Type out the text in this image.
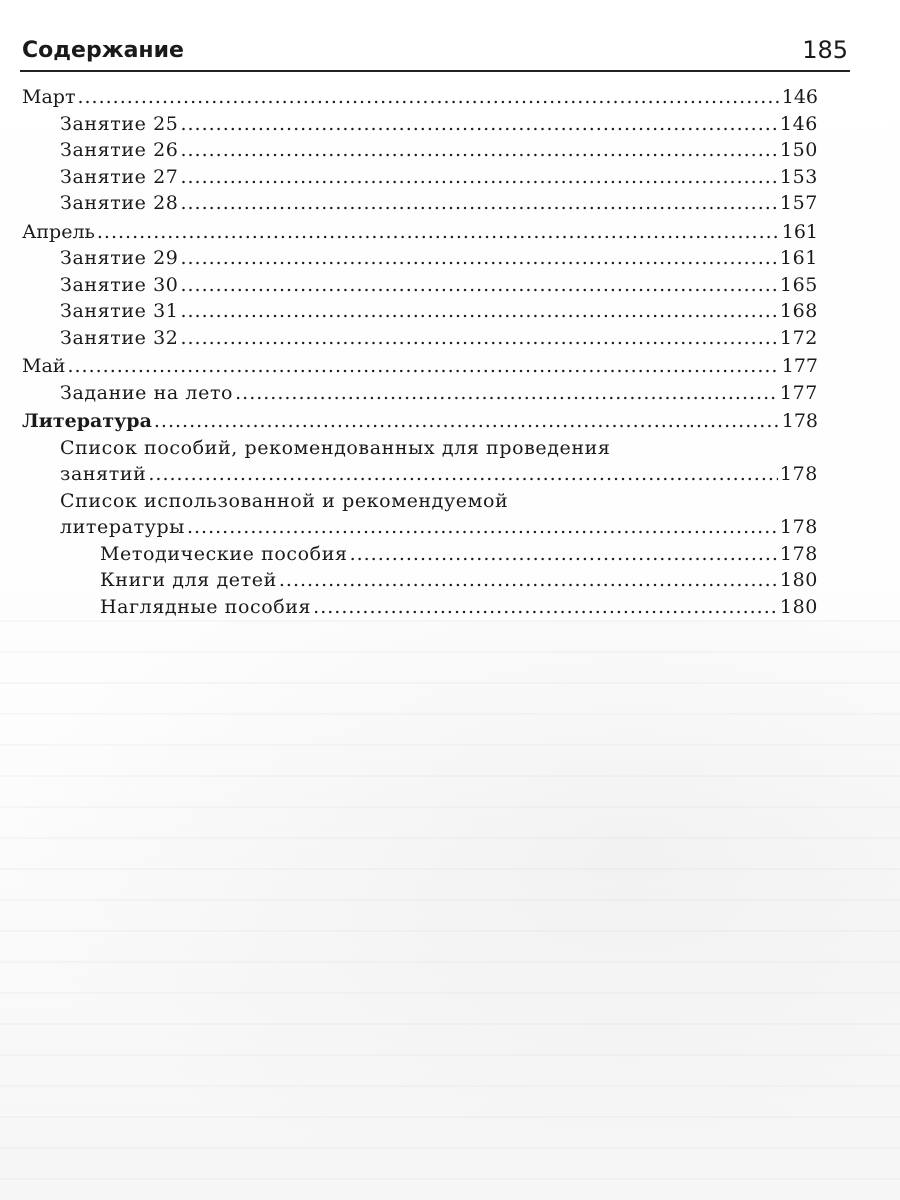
Содержание	185
Март .....	146
Занятие 25 .....	146
Занятие 26 .....	150
Занятие 27 .....	153
Занятие 28 .....	157
Апрель .....	161
Занятие 29 .....	161
Занятие 30 .....	165
Занятие 31 .....	168
Занятие 32 .....	172
Май .....	177
Задание на лето .....	177
Литература .....	178
Список пособий, рекомендованных для проведения
занятий .....	178
Список использованной и рекомендуемой
литературы .....	178
Методические пособия .....	178
Книги для детей .....	180
Наглядные пособия .....	180
